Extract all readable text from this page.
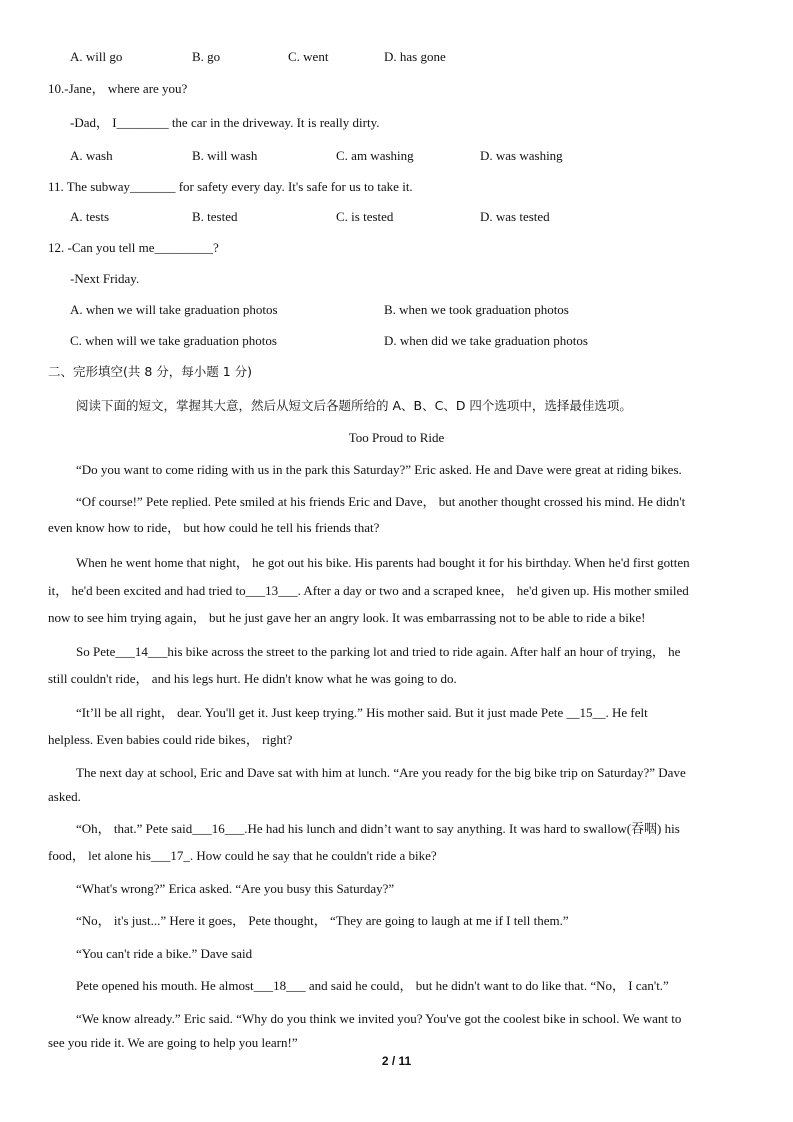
A. will go	B. go	C. went	D. has gone
10.-Jane， where are you?
-Dad， I________ the car in the driveway. It is really dirty.
A. wash	B. will wash	C. am washing	D. was washing
11. The subway_______ for safety every day. It's safe for us to take it.
A. tests	B. tested	C. is tested	D. was tested
12. -Can you tell me_________?
-Next Friday.
A. when we will take graduation photos	B. when we took graduation photos
C. when will we take graduation photos	D. when did we take graduation photos
二、完形填空(共 8 分，每小题 1 分)
阅读下面的短文，掌握其大意，然后从短文后各题所给的 A、B、C、D 四个选项中，选择最佳选项。
Too Proud to Ride
“Do you want to come riding with us in the park this Saturday?” Eric asked. He and Dave were great at riding bikes.
“Of course!” Pete replied. Pete smiled at his friends Eric and Dave， but another thought crossed his mind. He didn't
even know how to ride， but how could he tell his friends that?
When he went home that night， he got out his bike. His parents had bought it for his birthday. When he'd first gotten
it， he'd been excited and had tried to___13___. After a day or two and a scraped knee， he'd given up. His mother smiled
now to see him trying again， but he just gave her an angry look. It was embarrassing not to be able to ride a bike!
So Pete___14___his bike across the street to the parking lot and tried to ride again. After half an hour of trying， he
still couldn't ride， and his legs hurt. He didn't know what he was going to do.
“It’ll be all right， dear. You'll get it. Just keep trying.” His mother said. But it just made Pete __15__. He felt
helpless. Even babies could ride bikes， right?
The next day at school, Eric and Dave sat with him at lunch. “Are you ready for the big bike trip on Saturday?” Dave
asked.
“Oh， that.” Pete said___16___.He had his lunch and didn’t want to say anything. It was hard to swallow(吞咽) his
food， let alone his___17_. How could he say that he couldn't ride a bike?
“What's wrong?” Erica asked. “Are you busy this Saturday?”
“No， it's just...” Here it goes， Pete thought， “They are going to laugh at me if I tell them.”
“You can't ride a bike.” Dave said
Pete opened his mouth. He almost___18___ and said he could， but he didn't want to do like that. “No， I can't.”
“We know already.” Eric said. “Why do you think we invited you? You've got the coolest bike in school. We want to
see you ride it. We are going to help you learn!”
2 / 11
